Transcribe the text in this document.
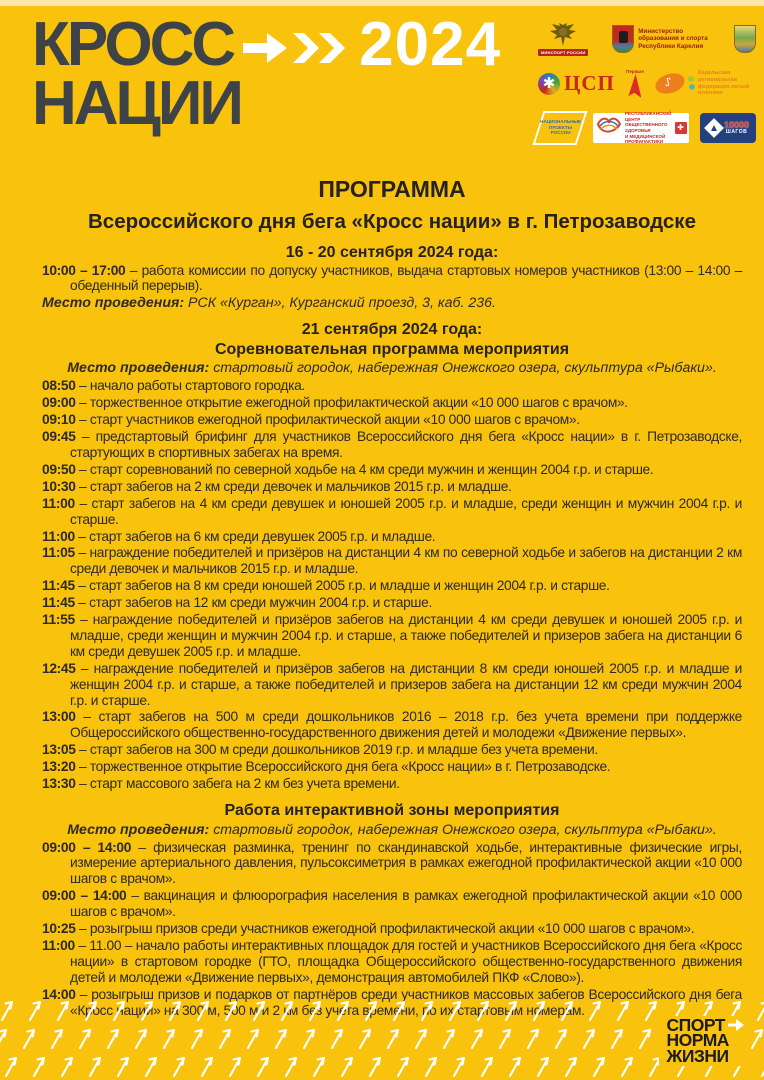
КРОСС 2024
НАЦИИ
МИНСПОРТ РОССИИ
Министерство образования и спорта Республики Карелия
✱
ЦСП Первые ᔑ	Карельская региональная федерация легкой атлетики
НАЦИОНАЛЬНЫЕ ПРОЕКТЫ РОССИИ
РЕСПУБЛИКАНСКИЙ
ЦЕНТР ОБЩЕСТВЕННОГО ЗДОРОВЬЯ
И МЕДИЦИНСКОЙ ПРОФИЛАКТИКИ
✚	10000
ШАГОВ
ПРОГРАММА
Всероссийского дня бега «Кросс нации» в г. Петрозаводске
16 - 20 сентября 2024 года:
10:00 – 17:00 – работа комиссии по допуску участников, выдача стартовых номеров участников (13:00 – 14:00 – обеденный перерыв).
Место проведения: РСК «Курган», Курганский проезд, 3, каб. 236.
21 сентября 2024 года:
Соревновательная программа мероприятия
Место проведения: стартовый городок, набережная Онежского озера, скульптура «Рыбаки».
08:50 – начало работы стартового городка.
09:00 – торжественное открытие ежегодной профилактической акции «10 000 шагов с врачом».
09:10 – старт участников ежегодной профилактической акции «10 000 шагов с врачом».
09:45 – предстартовый брифинг для участников Всероссийского дня бега «Кросс нации» в г. Петрозаводске, стартующих в спортивных забегах на время.
09:50 – старт соревнований по северной ходьбе на 4 км среди мужчин и женщин 2004 г.р. и старше.
10:30 – старт забегов на 2 км среди девочек и мальчиков 2015 г.р. и младше.
11:00 – старт забегов на 4 км среди девушек и юношей 2005 г.р. и младше, среди женщин и мужчин 2004 г.р. и старше.
11:00 – старт забегов на 6 км среди девушек 2005 г.р. и младше.
11:05 – награждение победителей и призёров на дистанции 4 км по северной ходьбе и забегов на дистанции 2 км среди девочек и мальчиков 2015 г.р. и младше.
11:45 – старт забегов на 8 км среди юношей 2005 г.р. и младше и женщин 2004 г.р. и старше.
11:45 – старт забегов на 12 км среди мужчин 2004 г.р. и старше.
11:55 – награждение победителей и призёров забегов на дистанции 4 км среди девушек и юношей 2005 г.р. и младше, среди женщин и мужчин 2004 г.р. и старше, а также победителей и призеров забега на дистанции 6 км среди девушек 2005 г.р. и младше.
12:45 – награждение победителей и призёров забегов на дистанции 8 км среди юношей 2005 г.р. и младше и женщин 2004 г.р. и старше, а также победителей и призеров забега на дистанции 12 км среди мужчин 2004 г.р. и старше.
13:00 – старт забегов на 500 м среди дошкольников 2016 – 2018 г.р. без учета времени при поддержке Общероссийского общественно-государственного движения детей и молодежи «Движение первых».
13:05 – старт забегов на 300 м среди дошкольников 2019 г.р. и младше без учета времени.
13:20 – торжественное открытие Всероссийского дня бега «Кросс нации» в г. Петрозаводске.
13:30 – старт массового забега на 2 км без учета времени.
Работа интерактивной зоны мероприятия
Место проведения: стартовый городок, набережная Онежского озера, скульптура «Рыбаки».
09:00 – 14:00 – физическая разминка, тренинг по скандинавской ходьбе, интерактивные физические игры, измерение артериального давления, пульсоксиметрия в рамках ежегодной профилактической акции «10 000 шагов с врачом».
09:00 – 14:00 – вакцинация и флюорография населения в рамках ежегодной профилактической акции «10 000 шагов с врачом».
10:25 – розыгрыш призов среди участников ежегодной профилактической акции «10 000 шагов с врачом».
11:00 – 11.00 – начало работы интерактивных площадок для гостей и участников Всероссийского дня бега «Кросс нации» в стартовом городке (ГТО, площадка Общероссийского общественно-государственного движения детей и молодежи «Движение первых», демонстрация автомобилей ПКФ «Слово»).
14:00 – розыгрыш призов и подарков от партнёров среди участников массовых забегов Всероссийского дня бега «Кросс нации» на 300 м, 500 м и 2 км без учета времени, по их стартовым номерам.
СПОРТ
НОРМА
ЖИЗНИ
